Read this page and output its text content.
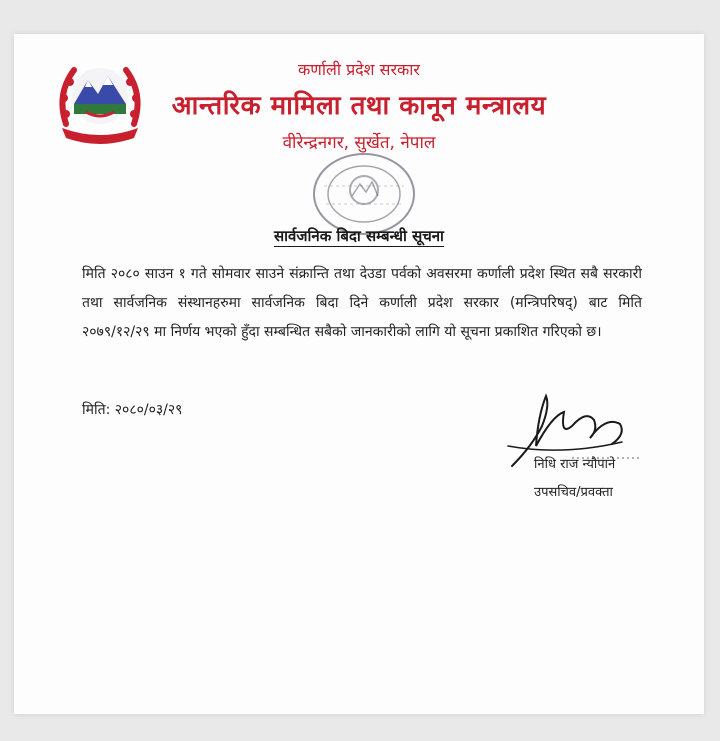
कर्णाली प्रदेश सरकार
आन्तरिक मामिला तथा कानून मन्त्रालय
वीरेन्द्रनगर, सुर्खेत, नेपाल
सार्वजनिक बिदा सम्बन्धी सूचना
मिति २०८० साउन १ गते सोमवार साउने संक्रान्ति तथा देउडा पर्वको अवसरमा कर्णाली प्रदेश स्थित सबै सरकारी तथा सार्वजनिक संस्थानहरुमा सार्वजनिक बिदा दिने कर्णाली प्रदेश सरकार (मन्त्रिपरिषद्) बाट मिति २०७९/१२/२९ मा निर्णय भएको हुँदा सम्बन्धित सबैको जानकारीको लागि यो सूचना प्रकाशित गरिएको छ।
मिति: २०८०/०३/२९
निधि राज न्यौपाने
उपसचिव/प्रवक्ता
